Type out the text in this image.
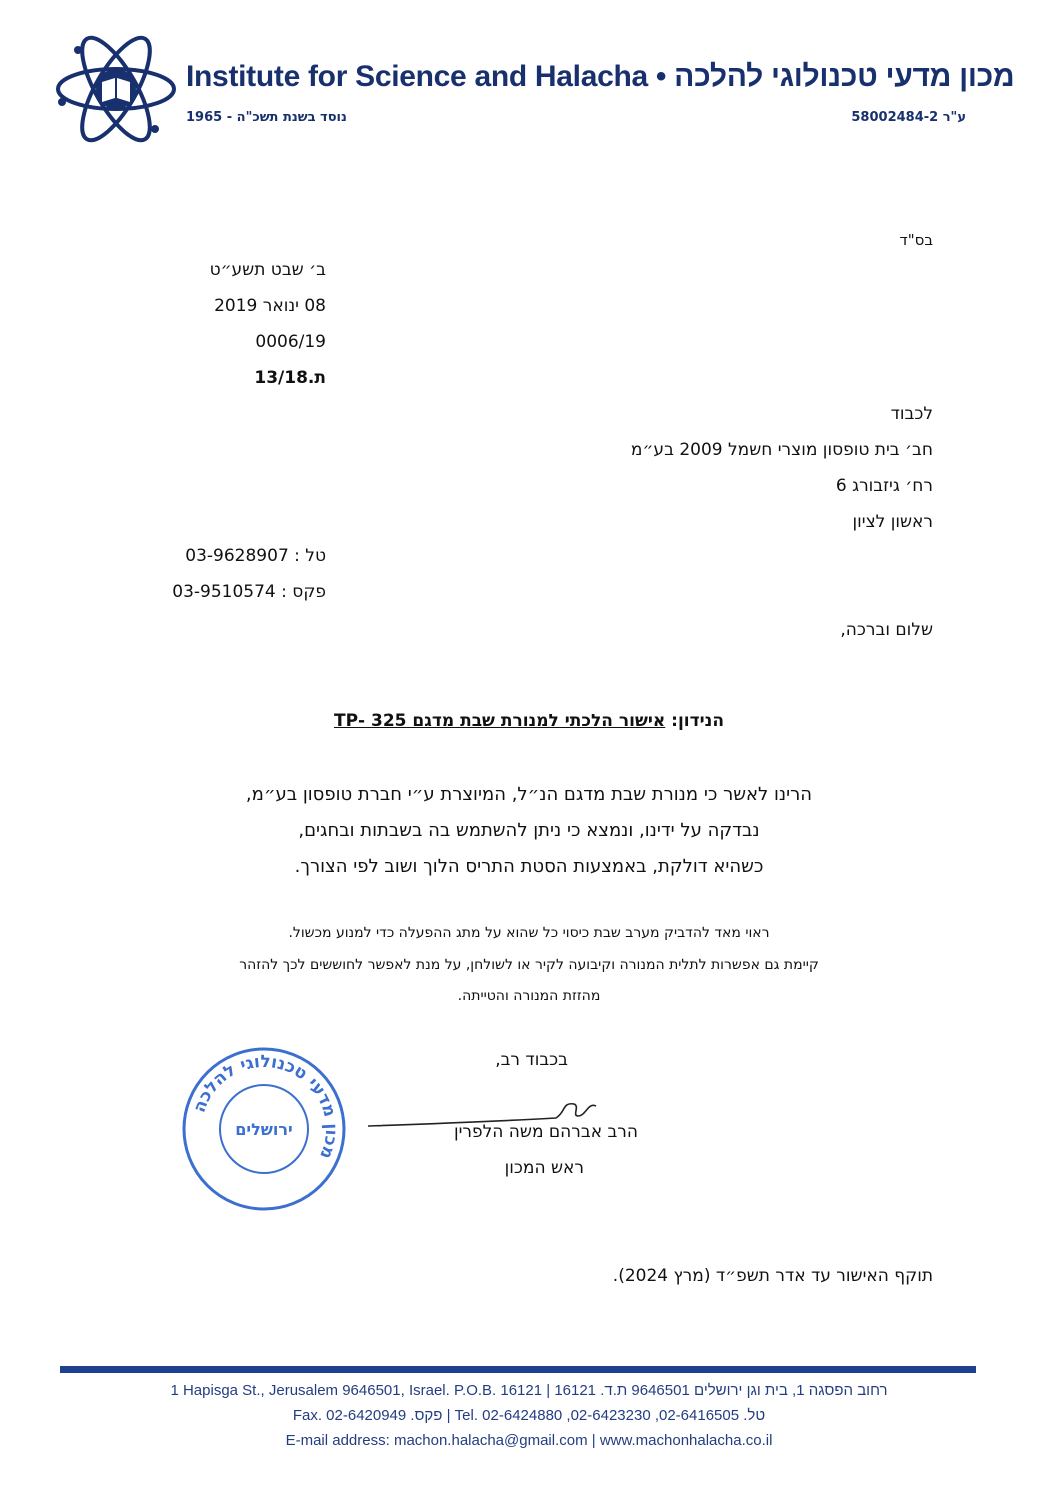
Institute for Science and Halacha • מכון מדעי טכנולוגי להלכה
נוסד בשנת תשכ"ה - 1965	ע"ר 58002484-2
בס"ד
ב׳ שבט תשע״ט
08 ינואר 2019
0006/19
ת.13/18
לכבוד
חב׳ בית טופסון מוצרי חשמל 2009 בע״מ
רח׳ גיזבורג 6
ראשון לציון
טל : 03-9628907
פקס : 03-9510574
שלום וברכה,
הנידון: אישור הלכתי למנורת שבת מדגם 325 -TP
הרינו לאשר כי מנורת שבת מדגם הנ״ל, המיוצרת ע״י חברת טופסון בע״מ,
נבדקה על ידינו, ונמצא כי ניתן להשתמש בה בשבתות ובחגים,
כשהיא דולקת, באמצעות הסטת התריס הלוך ושוב לפי הצורך.
ראוי מאד להדביק מערב שבת כיסוי כל שהוא על מתג ההפעלה כדי למנוע מכשול.
קיימת גם אפשרות לתלית המנורה וקיבועה לקיר או לשולחן, על מנת לאפשר לחוששים לכך להזהר
מהזזת המנורה והטייתה.
בכבוד רב,
הרב אברהם משה הלפרין
ראש המכון
מכון מדעי טכנולוגי להלכה
ירושלים
תוקף האישור עד אדר תשפ״ד (מרץ 2024).
1 Hapisga St., Jerusalem 9646501, Israel. P.O.B. 16121 | 16121 .רחוב הפסגה 1, בית וגן ירושלים 9646501 ת.ד
Fax. 02-6420949 .פקס | Tel. 02-6424880 ,02-6423230 ,02-6416505 .טל
E-mail address: machon.halacha@gmail.com | www.machonhalacha.co.il
